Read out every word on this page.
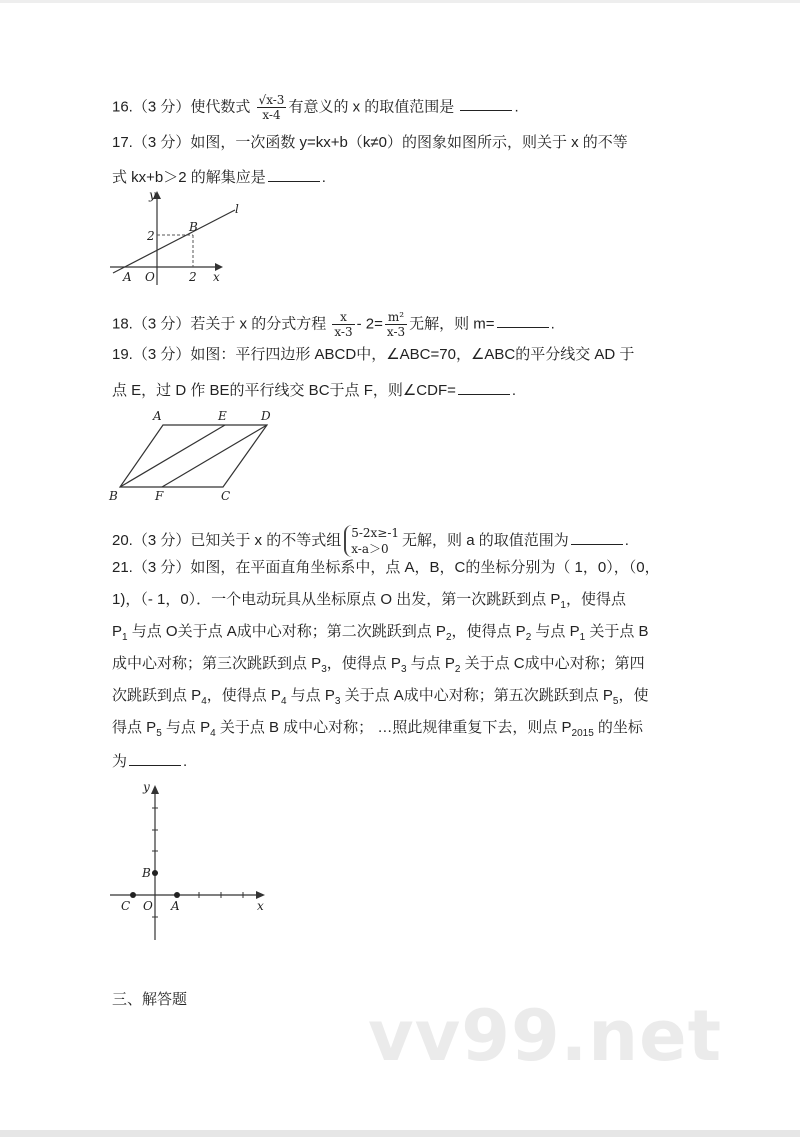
16.（3 分）使代数式 $\frac{√x-3}{x-4}$ 有意义的 x 的取值范围是	.
17.（3 分）如图，一次函数 y=kx+b（k≠0）的图象如图所示，则关于 x 的不等
式 kx+b＞2 的解集应是	.
y
x
l
B
2
A O	2
18.（3 分）若关于 x 的分式方程 $\frac{x}{x-3} - 2= \frac{\text{m²}}{x-3}$ 无解，则 m=	.
19.（3 分）如图：平行四边形 ABCD中，∠ABC=70，∠ABC的平分线交 AD 于
点 E，过 D 作 BE的平行线交 BC于点 F，则∠CDF=	.
A	E	D
B	F	C
20.（3 分）已知关于 x 的不等式组 5-2x≥-1
x-a＞0
无解，则 a 的取值范围为	.
21.（3 分）如图，在平面直角坐标系中，点 A，B，C的坐标分别为（ 1，0），（0，
1)，（- 1，0）．一个电动玩具从坐标原点 O 出发，第一次跳跃到点 $P_1$，使得点
$P_1$ 与点 O关于点 A成中心对称；第二次跳跃到点 $P_2$，使得点 $P_2$ 与点 $P_1$ 关于点 B
成中心对称；第三次跳跃到点 $P_3$，使得点 $P_3$ 与点 $P_2$ 关于点 C成中心对称；第四
次跳跃到点 $P_4$，使得点 $P_4$ 与点 $P_3$ 关于点 A成中心对称；第五次跳跃到点 $P_5$，使
得点 $P_5$ 与点 $P_4$ 关于点 B 成中心对称； …照此规律重复下去，则点 $P_{2015}$ 的坐标
为	.
y
x
B
C O A
三、解答题	vv99.net
